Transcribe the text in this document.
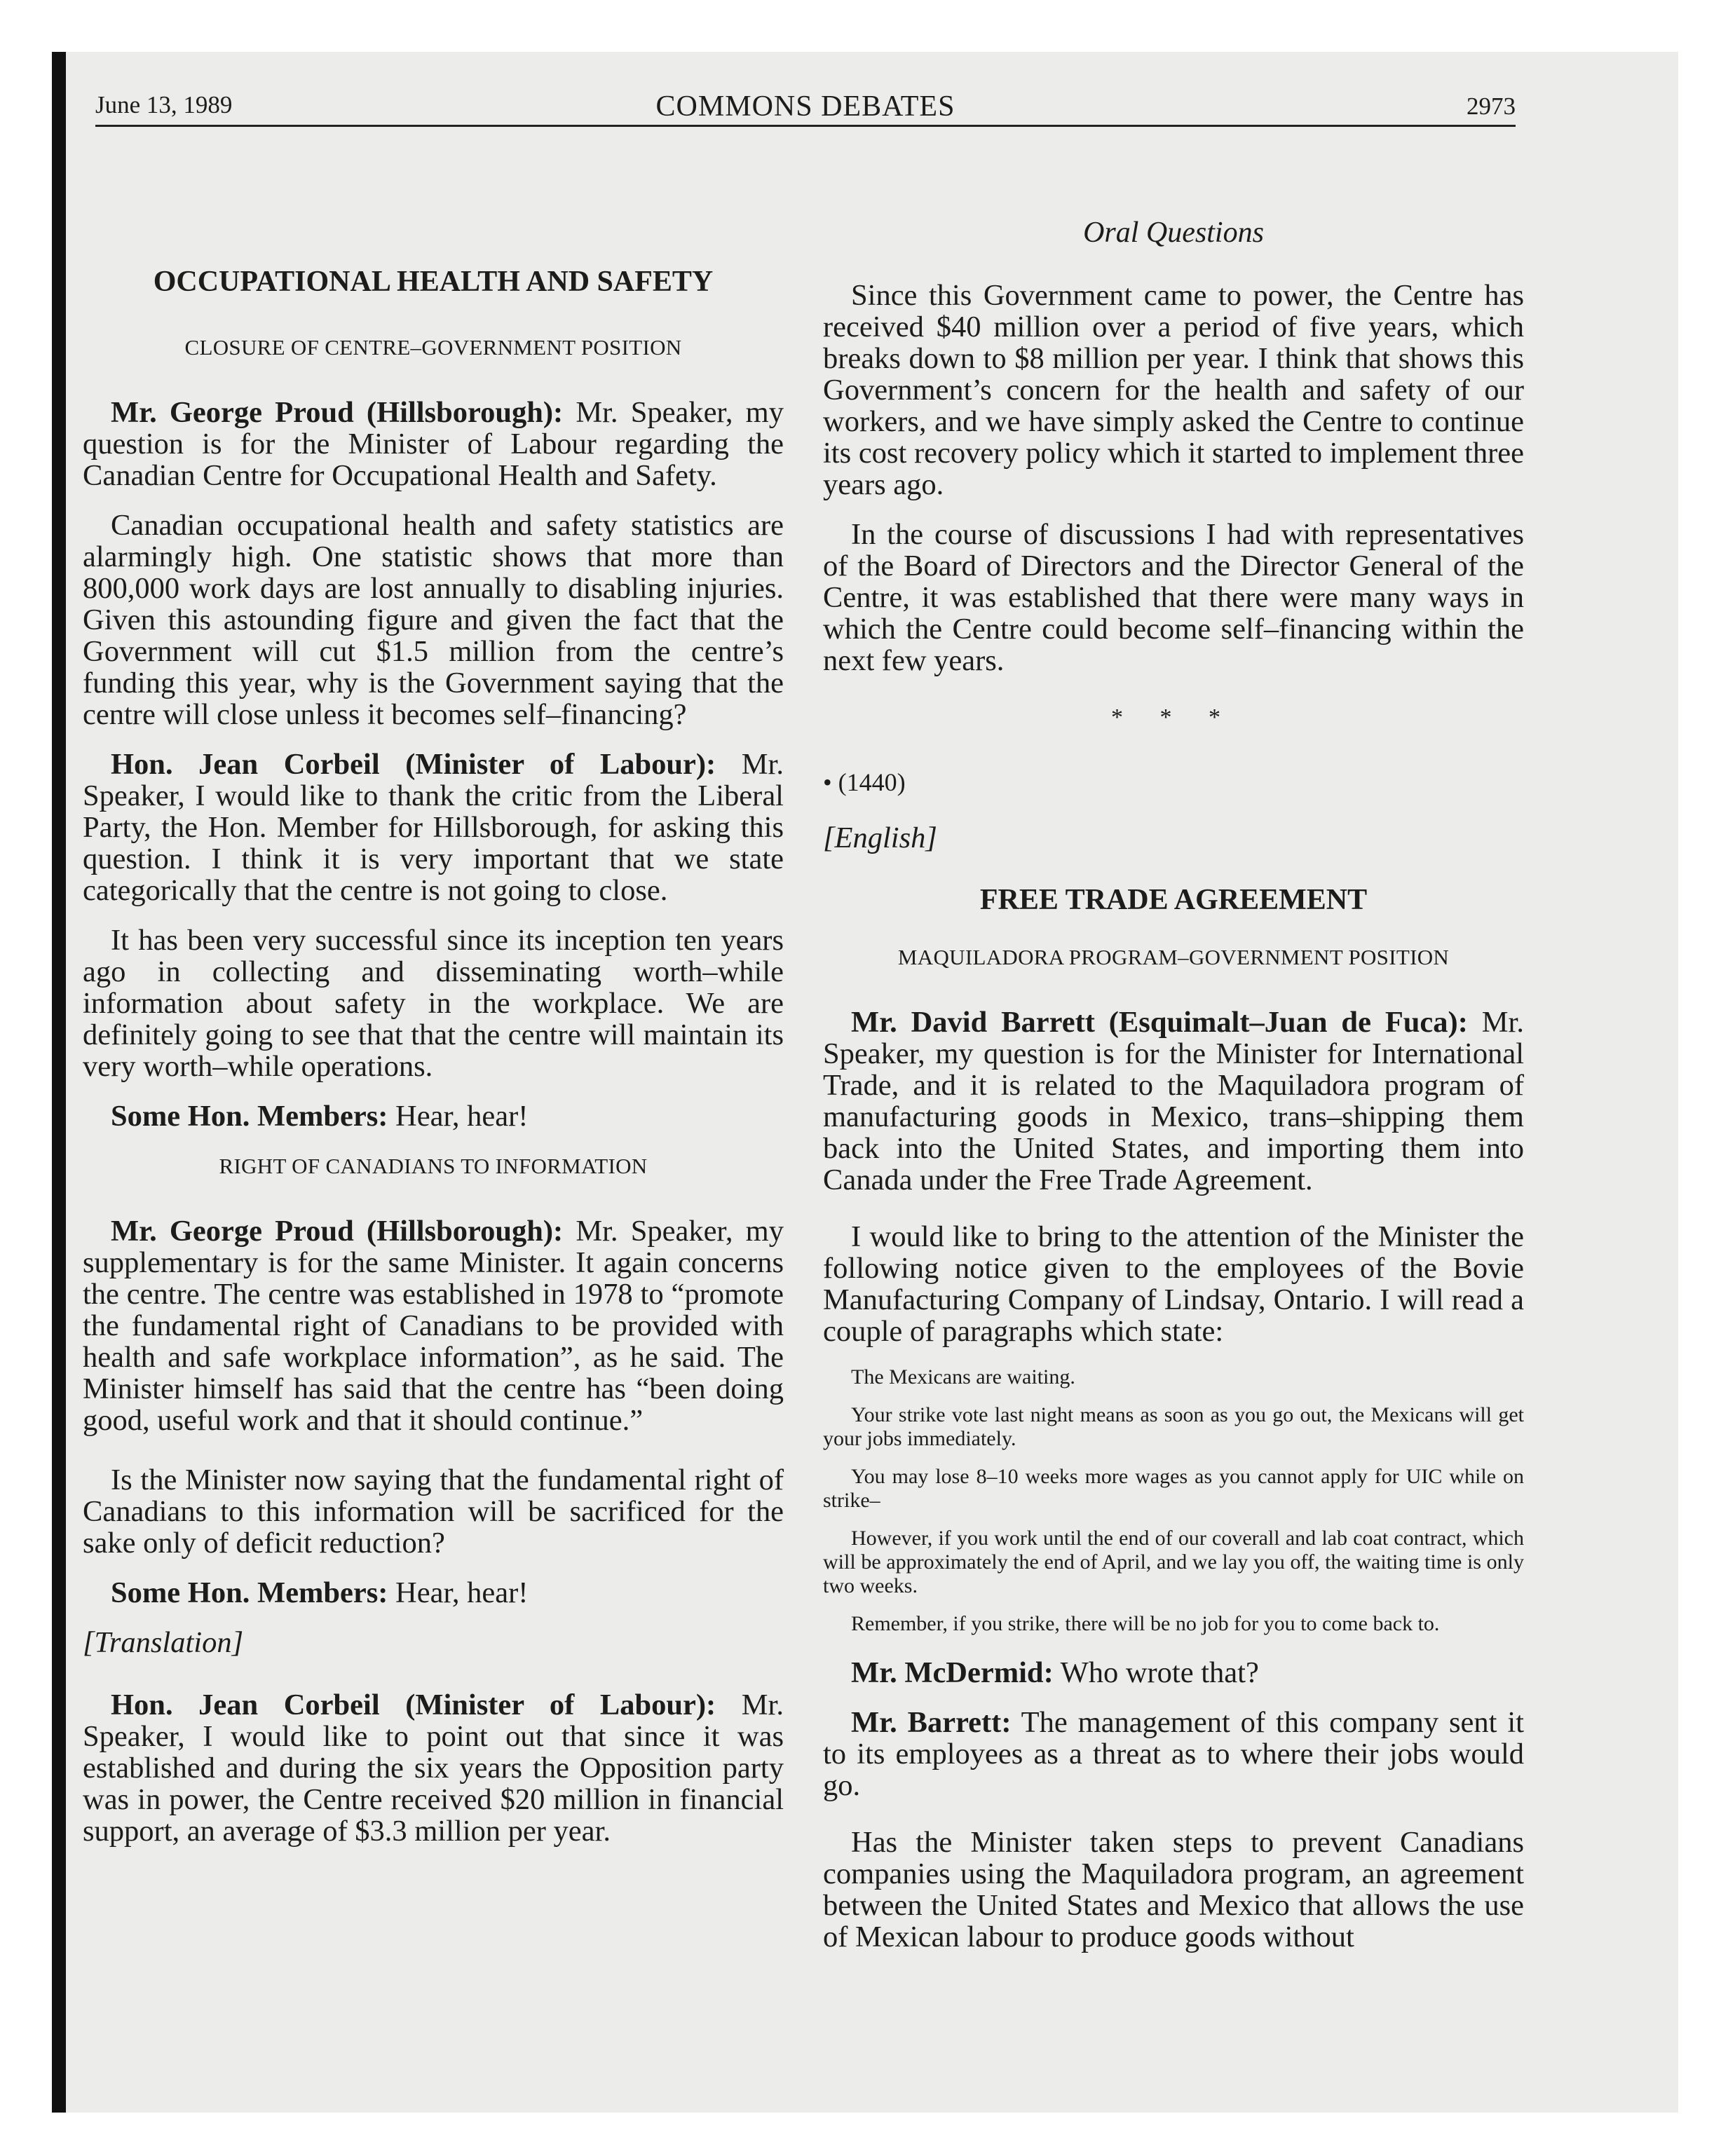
June 13, 1989	COMMONS DEBATES	2973
OCCUPATIONAL HEALTH AND SAFETY
CLOSURE OF CENTRE–GOVERNMENT POSITION

Mr. George Proud (Hillsborough): Mr. Speaker, my question is for the Minister of Labour regarding the Canadian Centre for Occupational Health and Safety.

Canadian occupational health and safety statistics are alarmingly high. One statistic shows that more than 800,000 work days are lost annually to disabling injuries. Given this astounding figure and given the fact that the Government will cut $1.5 million from the centre’s funding this year, why is the Government saying that the centre will close unless it becomes self–financing?

Hon. Jean Corbeil (Minister of Labour): Mr. Speaker, I would like to thank the critic from the Liberal Party, the Hon. Member for Hillsborough, for asking this question. I think it is very important that we state categorically that the centre is not going to close.

It has been very successful since its inception ten years ago in collecting and disseminating worth–while information about safety in the workplace. We are definitely going to see that that the centre will maintain its very worth–while operations.

Some Hon. Members: Hear, hear!

RIGHT OF CANADIANS TO INFORMATION

Mr. George Proud (Hillsborough): Mr. Speaker, my supplementary is for the same Minister. It again concerns the centre. The centre was established in 1978 to “promote the fundamental right of Canadians to be provided with health and safe workplace information”, as he said. The Minister himself has said that the centre has “been doing good, useful work and that it should continue.”

Is the Minister now saying that the fundamental right of Canadians to this information will be sacrificed for the sake only of deficit reduction?

Some Hon. Members: Hear, hear!

[Translation]

Hon. Jean Corbeil (Minister of Labour): Mr. Speaker, I would like to point out that since it was established and during the six years the Opposition party was in power, the Centre received $20 million in financial support, an average of $3.3 million per year.

Oral Questions

Since this Government came to power, the Centre has received $40 million over a period of five years, which breaks down to $8 million per year. I think that shows this Government’s concern for the health and safety of our workers, and we have simply asked the Centre to continue its cost recovery policy which it started to implement three years ago.

In the course of discussions I had with representatives of the Board of Directors and the Director General of the Centre, it was established that there were many ways in which the Centre could become self–financing within the next few years.

* * *
• (1440)
[English]
FREE TRADE AGREEMENT
MAQUILADORA PROGRAM–GOVERNMENT POSITION

Mr. David Barrett (Esquimalt–Juan de Fuca): Mr. Speaker, my question is for the Minister for International Trade, and it is related to the Maquiladora program of manufacturing goods in Mexico, trans–shipping them back into the United States, and importing them into Canada under the Free Trade Agreement.

I would like to bring to the attention of the Minister the following notice given to the employees of the Bovie Manufacturing Company of Lindsay, Ontario. I will read a couple of paragraphs which state:

The Mexicans are waiting.
Your strike vote last night means as soon as you go out, the Mexicans will get your jobs immediately.
You may lose 8–10 weeks more wages as you cannot apply for UIC while on strike–
However, if you work until the end of our coverall and lab coat contract, which will be approximately the end of April, and we lay you off, the waiting time is only two weeks.
Remember, if you strike, there will be no job for you to come back to.

Mr. McDermid: Who wrote that?

Mr. Barrett: The management of this company sent it to its employees as a threat as to where their jobs would go.

Has the Minister taken steps to prevent Canadians companies using the Maquiladora program, an agreement between the United States and Mexico that allows the use of Mexican labour to produce goods without
